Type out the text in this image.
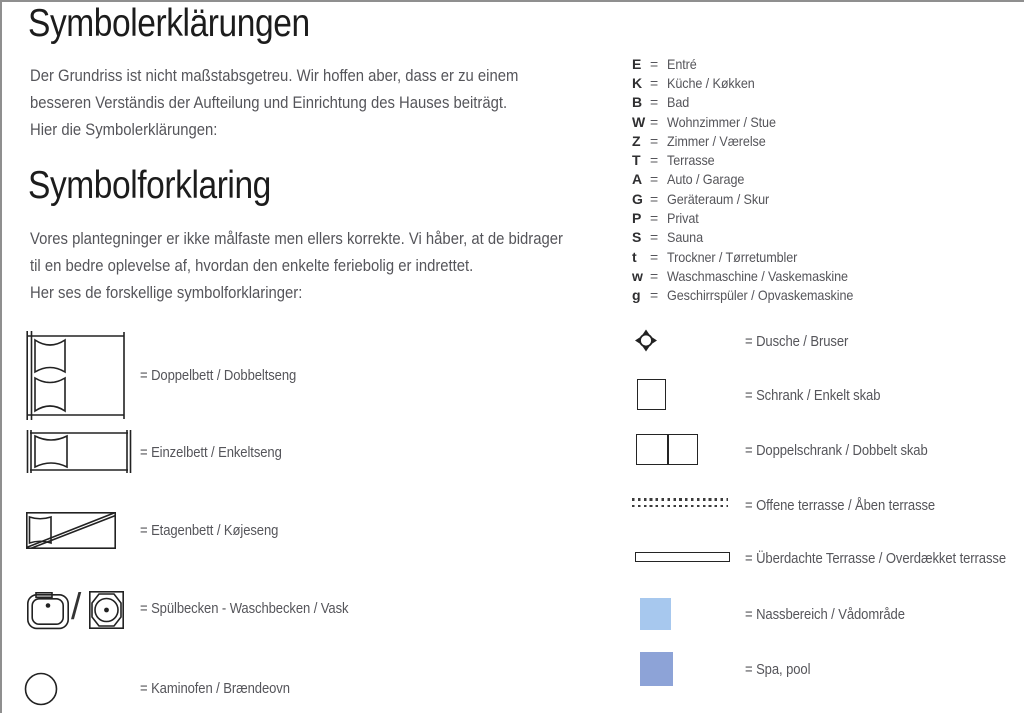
Symbolerklärungen
Der Grundriss ist nicht maßstabsgetreu. Wir hoffen aber, dass er zu einem
besseren Verständis der Aufteilung und Einrichtung des Hauses beiträgt.
Hier die Symbolerklärungen:
Symbolforklaring
Vores plantegninger er ikke målfaste men ellers korrekte. Vi håber, at de bidrager
til en bedre oplevelse af, hvordan den enkelte feriebolig er indrettet.
Her ses de forskellige symbolforklaringer:
E = Entré
K = Küche / Køkken
B = Bad
W = Wohnzimmer / Stue
Z = Zimmer / Værelse
T = Terrasse
A = Auto / Garage
G = Geräteraum / Skur
P = Privat
S = Sauna
t = Trockner / Tørretumbler
w = Waschmaschine / Vaskemaskine
g = Geschirrspüler / Opvaskemaskine
= Doppelbett / Dobbeltseng
= Einzelbett / Enkeltseng
= Etagenbett / Køjeseng
/	= Spülbecken - Waschbecken / Vask
= Kaminofen / Brændeovn
= Dusche / Bruser
= Schrank / Enkelt skab
= Doppelschrank / Dobbelt skab
= Offene terrasse / Åben terrasse
= Überdachte Terrasse / Overdækket terrasse
= Nassbereich / Vådområde
= Spa, pool
